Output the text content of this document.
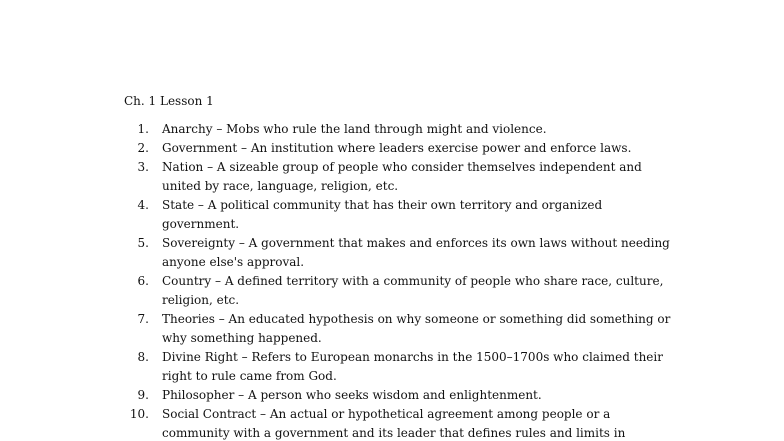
Ch. 1 Lesson 1
1. Anarchy – Mobs who rule the land through might and violence.
2. Government – An institution where leaders exercise power and enforce laws.
3. Nation – A sizeable group of people who consider themselves independent and united by race, language, religion, etc.
4. State – A political community that has their own territory and organized government.
5. Sovereignty – A government that makes and enforces its own laws without needing anyone else's approval.
6. Country – A defined territory with a community of people who share race, culture, religion, etc.
7. Theories – An educated hypothesis on why someone or something did something or why something happened.
8. Divine Right – Refers to European monarchs in the 1500–1700s who claimed their right to rule came from God.
9. Philosopher – A person who seeks wisdom and enlightenment.
10. Social Contract – An actual or hypothetical agreement among people or a community with a government and its leader that defines rules and limits in
